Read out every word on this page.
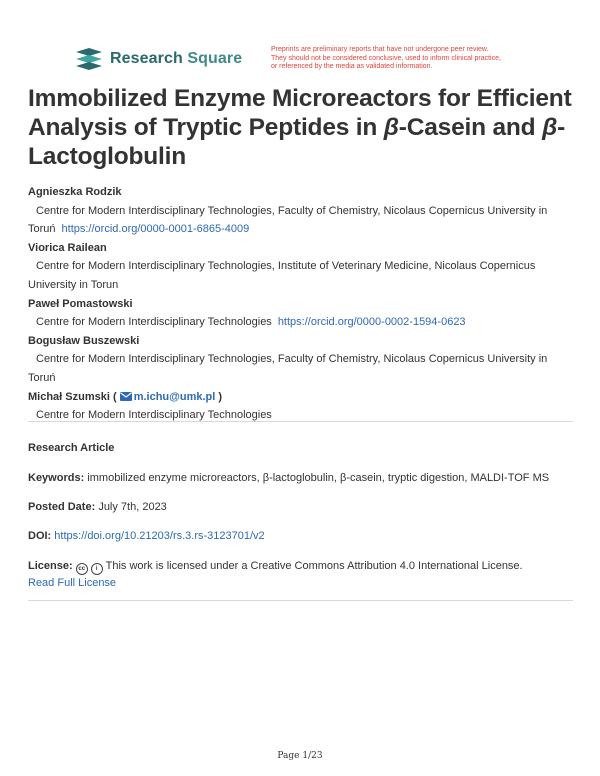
Research Square
Preprints are preliminary reports that have not undergone peer review.
They should not be considered conclusive, used to inform clinical practice,
or referenced by the media as validated information.
Immobilized Enzyme Microreactors for Efficient Analysis of Tryptic Peptides in β-Casein and β-Lactoglobulin
Agnieszka Rodzik
Centre for Modern Interdisciplinary Technologies, Faculty of Chemistry, Nicolaus Copernicus University in Toruń https://orcid.org/0000-0001-6865-4009
Viorica Railean
Centre for Modern Interdisciplinary Technologies, Institute of Veterinary Medicine, Nicolaus Copernicus University in Torun
Paweł Pomastowski
Centre for Modern Interdisciplinary Technologies https://orcid.org/0000-0002-1594-0623
Bogusław Buszewski
Centre for Modern Interdisciplinary Technologies, Faculty of Chemistry, Nicolaus Copernicus University in Toruń
Michał Szumski ( m.ichu@umk.pl )
Centre for Modern Interdisciplinary Technologies
Research Article
Keywords: immobilized enzyme microreactors, β-lactoglobulin, β-casein, tryptic digestion, MALDI-TOF MS
Posted Date: July 7th, 2023
DOI: https://doi.org/10.21203/rs.3.rs-3123701/v2
License: cc i This work is licensed under a Creative Commons Attribution 4.0 International License.
Read Full License
Page 1/23
